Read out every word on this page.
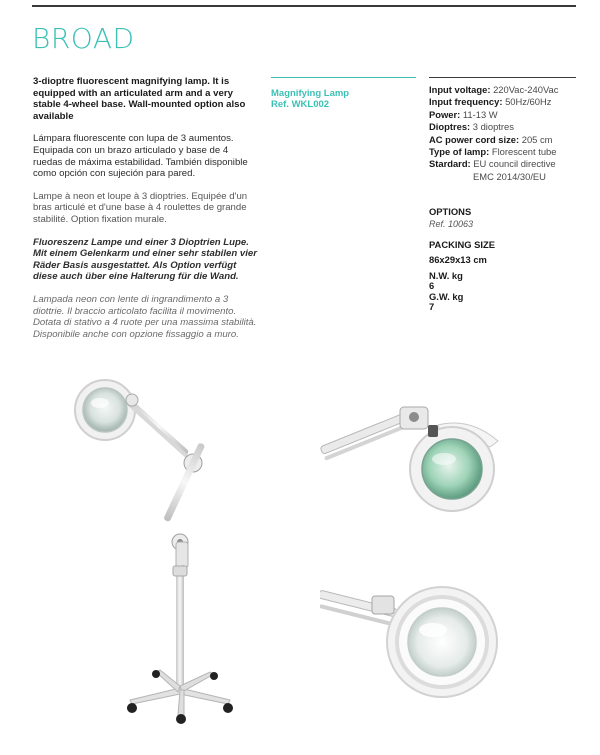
BROAD

3-dioptre fluorescent magnifying lamp. It is equipped with an articulated arm and a very stable 4-wheel base. Wall-mounted option also available

Lámpara fluorescente con lupa de 3 aumentos. Equipada con un brazo articulado y base de 4 ruedas de máxima estabilidad. También disponible como opción con sujeción para pared.

Lampe à neon et loupe à 3 dioptries. Equipée d'un bras articulé et d'une base à 4 roulettes de grande stabilité. Option fixation murale.

Fluoreszenz Lampe und einer 3 Dioptrien Lupe. Mit einem Gelenkarm und einer sehr stabilen vier Räder Basis ausgestattet. Als Option verfügt diese auch über eine Halterung für die Wand.

Lampada neon con lente di ingrandimento a 3 diottrie. Il braccio articolato facilita il movimento. Dotata di stativo a 4 ruote per una massima stabilità. Disponibile anche con opzione fissaggio a muro.

Magnifying Lamp
Ref. WKL002
Input voltage: 220Vac-240Vac
Input frequency: 50Hz/60Hz
Power: 11-13 W
Dioptres: 3 dioptres
AC power cord size: 205 cm
Type of lamp: Florescent tube
Stardard: EU council directive
EMC 2014/30/EU
OPTIONS
Ref. 10063
PACKING SIZE
86x29x13 cm
N.W. kg
6
G.W. kg
7
